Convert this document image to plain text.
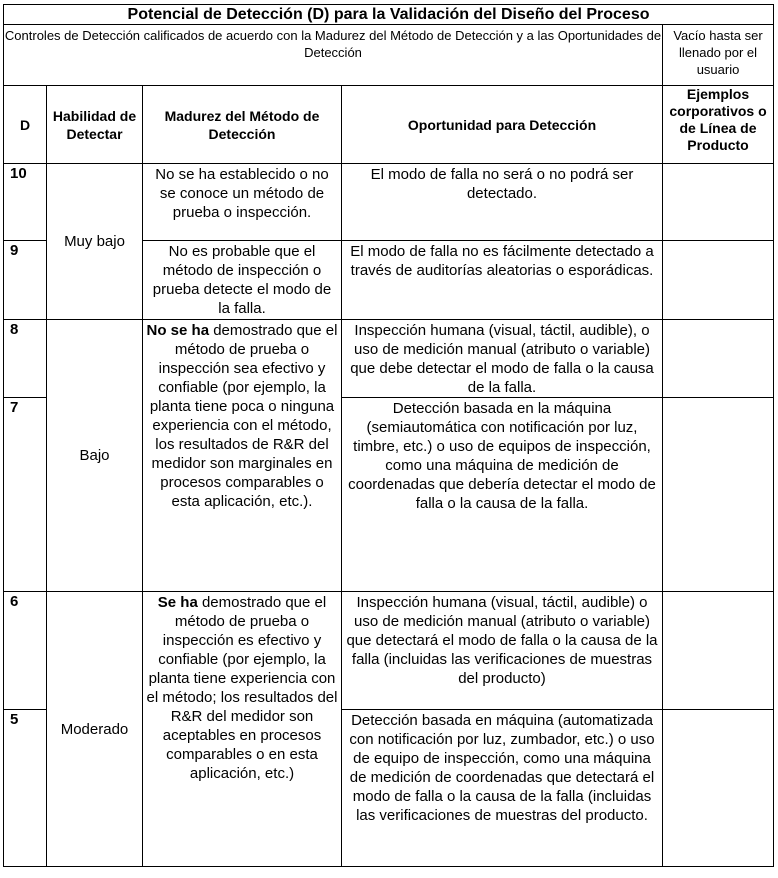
Potencial de Detección (D) para la Validación del Diseño del Proceso				
Controles de Detección calificados de acuerdo con la Madurez del Método de Detección y a las Oportunidades de Detección				Vacío hasta ser llenado por el usuario
D	Habilidad de Detectar	Madurez del Método de Detección	Oportunidad para Detección	Ejemplos corporativos o de Línea de Producto
10	Muy bajo	No se ha establecido o no se conoce un método de prueba o inspección.	El modo de falla no será o no podrá ser detectado.	
9		No es probable que el método de inspección o prueba detecte el modo de la falla.	El modo de falla no es fácilmente detectado a través de auditorías aleatorias o esporádicas.	
8	Bajo	No se ha demostrado que el método de prueba o inspección sea efectivo y confiable (por ejemplo, la planta tiene poca o ninguna experiencia con el método, los resultados de R&R del medidor son marginales en procesos comparables o esta aplicación, etc.).	Inspección humana (visual, táctil, audible), o uso de medición manual (atributo o variable) que debe detectar el modo de falla o la causa de la falla.	
7			Detección basada en la máquina (semiautomática con notificación por luz, timbre, etc.) o uso de equipos de inspección, como una máquina de medición de coordenadas que debería detectar el modo de falla o la causa de la falla.	
6	Moderado	Se ha demostrado que el método de prueba o inspección es efectivo y confiable (por ejemplo, la planta tiene experiencia con el método; los resultados del R&R del medidor son aceptables en procesos comparables o en esta aplicación, etc.)	Inspección humana (visual, táctil, audible) o uso de medición manual (atributo o variable) que detectará el modo de falla o la causa de la falla (incluidas las verificaciones de muestras del producto)	
5			Detección basada en máquina (automatizada con notificación por luz, zumbador, etc.) o uso de equipo de inspección, como una máquina de medición de coordenadas que detectará el modo de falla o la causa de la falla (incluidas las verificaciones de muestras del producto.	
